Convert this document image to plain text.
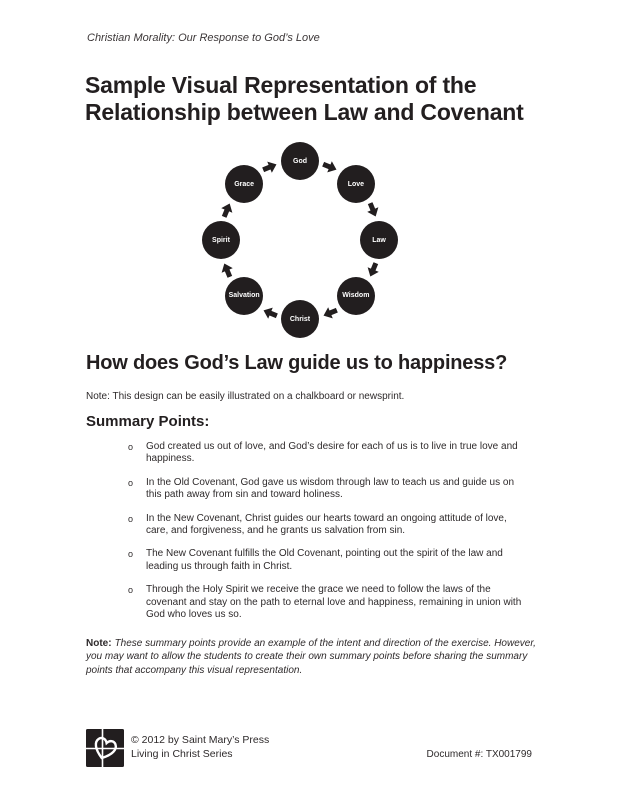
Christian Morality: Our Response to God’s Love
Sample Visual Representation of the Relationship between Law and Covenant
God
Love
Law
Wisdom
Christ
Salvation
Spirit
Grace
How does God’s Law guide us to happiness?

Note: This design can be easily illustrated on a chalkboard or newsprint.

Summary Points:
o	God created us out of love, and God’s desire for each of us is to live in true love and happiness.
o	In the Old Covenant, God gave us wisdom through law to teach us and guide us on this path away from sin and toward holiness.
o	In the New Covenant, Christ guides our hearts toward an ongoing attitude of love, care, and forgiveness, and he grants us salvation from sin.
o	The New Covenant fulfills the Old Covenant, pointing out the spirit of the law and leading us through faith in Christ.
o	Through the Holy Spirit we receive the grace we need to follow the laws of the covenant and stay on the path to eternal love and happiness, remaining in union with God who loves us so.

Note: These summary points provide an example of the intent and direction of the exercise. However, you may want to allow the students to create their own summary points before sharing the summary points that accompany this visual representation.

© 2012 by Saint Mary’s Press
Living in Christ Series	Document #: TX001799
